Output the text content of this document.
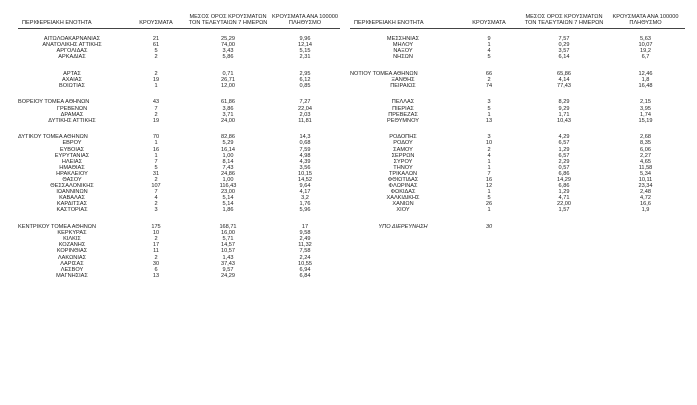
ΠΕΡΙΦΕΡΕΙΑΚΗ ΕΝΟΤΗΤΑ	ΚΡΟΥΣΜΑΤΑ	ΜΕΣΟΣ ΟΡΟΣ ΚΡΟΥΣΜΑΤΩΝ ΤΟΝ ΤΕΛΕΥΤΑΙΩΝ 7 ΗΜΕΡΩΝ	ΚΡΟΥΣΜΑΤΑ ΑΝΑ 100000 ΠΛΗΘΥΣΜΟ

ΑΙΤΩΛΟΑΚΑΡΝΑΝΙΑΣ	21	25,29	9,96
ΑΝΑΤΟΛΙΚΗΣ ΑΤΤΙΚΗΣ	61	74,00	12,14
ΑΡΓΟΛΙΔΑΣ	5	3,43	5,15
ΑΡΚΑΔΙΑΣ	2	5,86	2,31

ΑΡΤΑΣ	2	0,71	2,95
ΑΧΑΪΑΣ	19	26,71	6,12
ΒΟΙΩΤΙΑΣ	1	12,00	0,85

ΒΟΡΕΙΟΥ ΤΟΜΕΑ ΑΘΗΝΩΝ	43	61,86	7,27
ΓΡΕΒΕΝΩΝ	7	3,86	22,04
ΔΡΑΜΑΣ	2	3,71	2,03
ΔΥΤΙΚΗΣ ΑΤΤΙΚΗΣ	19	24,00	11,81

ΔΥΤΙΚΟΥ ΤΟΜΕΑ ΑΘΗΝΩΝ	70	82,86	14,3
ΕΒΡΟΥ	1	5,29	0,68
ΕΥΒΟΙΑΣ	16	16,14	7,59
ΕΥΡΥΤΑΝΙΑΣ	1	1,00	4,98
ΗΛΕΙΑΣ	7	8,14	4,39
ΗΜΑΘΙΑΣ	5	7,43	3,56
ΗΡΑΚΛΕΙΟΥ	31	24,86	10,15
ΘΑΣΟΥ	2	1,00	14,52
ΘΕΣΣΑΛΟΝΙΚΗΣ	107	116,43	9,64
ΙΩΑΝΝΙΝΩΝ	7	23,00	4,17
ΚΑΒΑΛΑΣ	4	5,14	3,2
ΚΑΡΔΙΤΣΑΣ	2	5,14	1,76
ΚΑΣΤΟΡΙΑΣ	3	1,86	5,96

ΚΕΝΤΡΙΚΟΥ ΤΟΜΕΑ ΑΘΗΝΩΝ	175	168,71	17
ΚΕΡΚΥΡΑΣ	10	16,00	9,58
ΚΙΛΚΙΣ	2	5,71	2,49
ΚΟΖΑΝΗΣ	17	14,57	11,32
ΚΟΡΙΝΘΙΑΣ	11	10,57	7,58
ΛΑΚΩΝΙΑΣ	2	1,43	2,24
ΛΑΡΙΣΑΣ	30	37,43	10,55
ΛΕΣΒΟΥ	6	9,57	6,94
ΜΑΓΝΗΣΙΑΣ	13	24,29	6,84
ΠΕΡΙΦΕΡΕΙΑΚΗ ΕΝΟΤΗΤΑ	ΚΡΟΥΣΜΑΤΑ	ΜΕΣΟΣ ΟΡΟΣ ΚΡΟΥΣΜΑΤΩΝ ΤΟΝ ΤΕΛΕΥΤΑΙΩΝ 7 ΗΜΕΡΩΝ	ΚΡΟΥΣΜΑΤΑ ΑΝΑ 100000 ΠΛΗΘΥΣΜΟ

ΜΕΣΣΗΝΙΑΣ	9	7,57	5,63
ΜΗΛΟΥ	1	0,29	10,07
ΝΑΞΟΥ	4	3,57	19,2
ΝΗΣΩΝ	5	6,14	6,7

ΝΟΤΙΟΥ ΤΟΜΕΑ ΑΘΗΝΩΝ	66	65,86	12,46
ΞΑΝΘΗΣ	2	4,14	1,8
ΠΕΙΡΑΙΩΣ	74	77,43	16,48

ΠΕΛΛΑΣ	3	8,29	2,15
ΠΙΕΡΙΑΣ	5	9,29	3,95
ΠΡΕΒΕΖΑΣ	1	1,71	1,74
ΡΕΘΥΜΝΟΥ	13	10,43	15,19

ΡΟΔΟΠΗΣ	3	4,29	2,68
ΡΟΔΟΥ	10	6,57	8,35
ΣΑΜΟΥ	2	1,29	6,06
ΣΕΡΡΩΝ	4	6,57	2,27
ΣΥΡΟΥ	1	2,29	4,65
ΤΗΝΟΥ	1	0,57	11,58
ΤΡΙΚΑΛΩΝ	7	6,86	5,34
ΦΘΙΩΤΙΔΑΣ	16	14,29	10,11
ΦΛΩΡΙΝΑΣ	12	6,86	23,34
ΦΩΚΙΔΑΣ	1	1,29	2,48
ΧΑΛΚΙΔΙΚΗΣ	5	4,71	4,72
ΧΑΝΙΩΝ	26	22,00	16,6
ΧΙΟΥ	1	1,57	1,9

ΥΠΟ ΔΙΕΡΕΥΝΗΣΗ	30		
